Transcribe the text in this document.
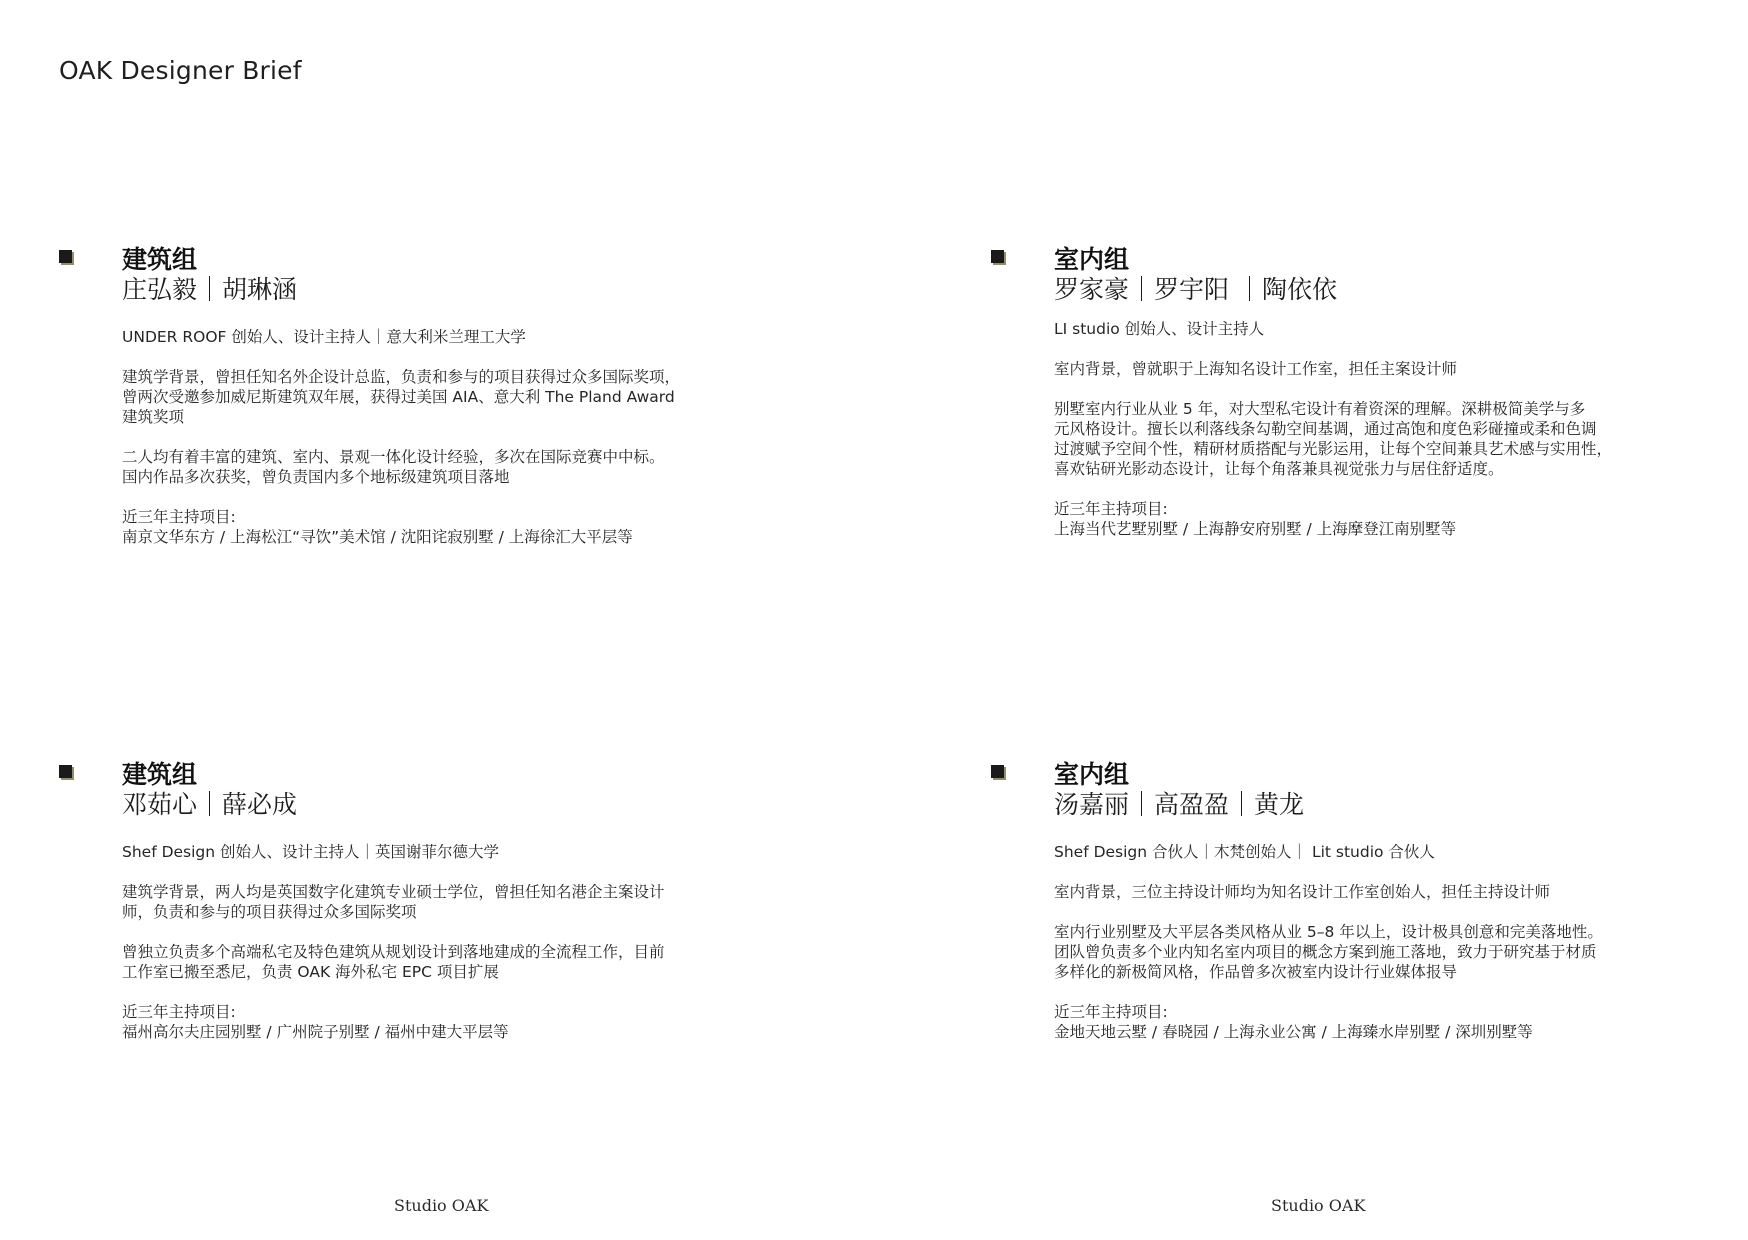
OAK Designer Brief
建筑组
庄弘毅｜胡琳涵

UNDER ROOF 创始人、设计主持人｜意大利米兰理工大学

建筑学背景，曾担任知名外企设计总监，负责和参与的项目获得过众多国际奖项，
曾两次受邀参加威尼斯建筑双年展，获得过美国 AIA、意大利 The Pland Award
建筑奖项

二人均有着丰富的建筑、室内、景观一体化设计经验，多次在国际竞赛中中标。
国内作品多次获奖，曾负责国内多个地标级建筑项目落地

近三年主持项目:
南京文华东方 / 上海松江“寻饮”美术馆 / 沈阳诧寂别墅 / 上海徐汇大平层等

室内组
罗家豪｜罗宇阳 ｜陶依依

LI studio 创始人、设计主持人

室内背景，曾就职于上海知名设计工作室，担任主案设计师

别墅室内行业从业 5 年，对大型私宅设计有着资深的理解。深耕极简美学与多
元风格设计。擅长以利落线条勾勒空间基调，通过高饱和度色彩碰撞或柔和色调
过渡赋予空间个性，精研材质搭配与光影运用，让每个空间兼具艺术感与实用性，
喜欢钻研光影动态设计，让每个角落兼具视觉张力与居住舒适度。

近三年主持项目:
上海当代艺墅别墅 / 上海静安府别墅 / 上海摩登江南别墅等

建筑组
邓茹心｜薛必成

Shef Design 创始人、设计主持人｜英国谢菲尔德大学

建筑学背景，两人均是英国数字化建筑专业硕士学位，曾担任知名港企主案设计
师，负责和参与的项目获得过众多国际奖项

曾独立负责多个高端私宅及特色建筑从规划设计到落地建成的全流程工作，目前
工作室已搬至悉尼，负责 OAK 海外私宅 EPC 项目扩展

近三年主持项目:
福州高尔夫庄园别墅 / 广州院子别墅 / 福州中建大平层等

室内组
汤嘉丽｜高盈盈｜黄龙

Shef Design 合伙人｜木梵创始人｜ Lit studio 合伙人

室内背景，三位主持设计师均为知名设计工作室创始人，担任主持设计师

室内行业别墅及大平层各类风格从业 5–8 年以上，设计极具创意和完美落地性。
团队曾负责多个业内知名室内项目的概念方案到施工落地，致力于研究基于材质
多样化的新极简风格，作品曾多次被室内设计行业媒体报导

近三年主持项目:
金地天地云墅 / 春晓园 / 上海永业公寓 / 上海臻水岸别墅 / 深圳别墅等

Studio OAK	Studio OAK
